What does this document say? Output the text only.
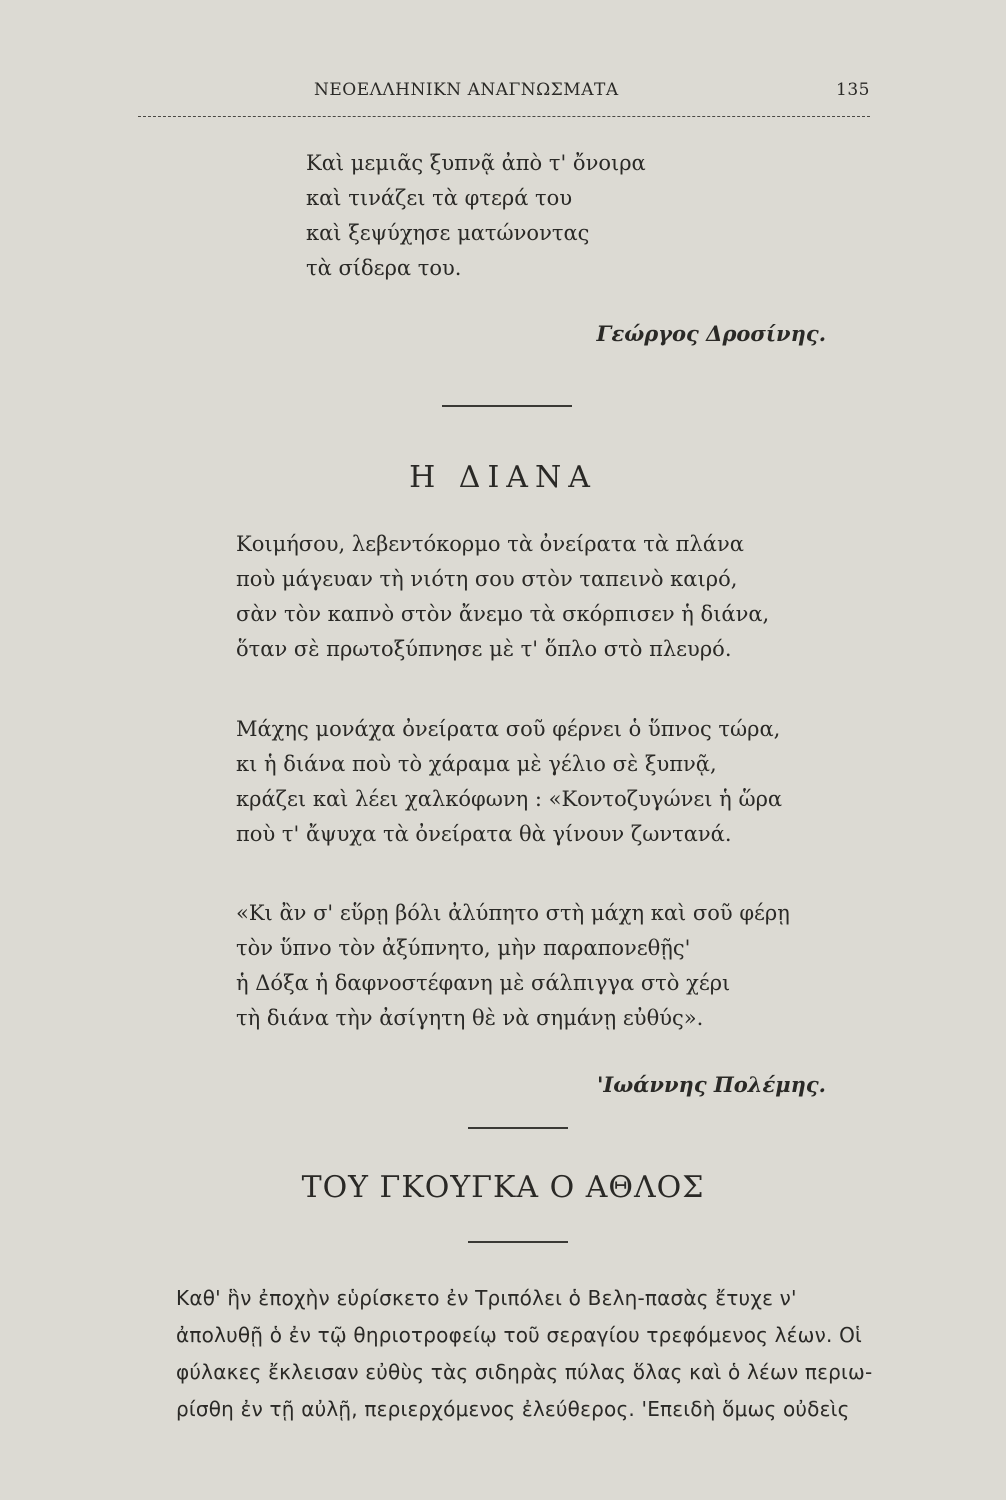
ΝΕΟΕΛΛΗΝΙΚΝ ΑΝΑΓΝΩΣΜΑΤΑ	135
Καὶ μεμιᾶς ξυπνᾷ ἀπὸ τ' ὄνοιρα
καὶ τινάζει τὰ φτερά του
καὶ ξεψύχησε ματώνοντας
τὰ σίδερα του.
Γεώργος Δροσίνης.
Η ΔΙΑΝΑ
Κοιμήσου, λεβεντόκορμο τὰ ὀνείρατα τὰ πλάνα
ποὺ μάγευαν τὴ νιότη σου στὸν ταπεινὸ καιρό,
σὰν τὸν καπνὸ στὸν ἄνεμο τὰ σκόρπισεν ἡ διάνα,
ὅταν σὲ πρωτοξύπνησε μὲ τ' ὅπλο στὸ πλευρό.
Μάχης μονάχα ὀνείρατα σοῦ φέρνει ὁ ὕπνος τώρα,
κι ἡ διάνα ποὺ τὸ χάραμα μὲ γέλιο σὲ ξυπνᾷ,
κράζει καὶ λέει χαλκόφωνη : «Κοντοζυγώνει ἡ ὥρα
ποὺ τ' ἄψυχα τὰ ὀνείρατα θὰ γίνουν ζωντανά.
«Κι ἂν σ' εὕρῃ βόλι ἀλύπητο στὴ μάχη καὶ σοῦ φέρῃ
τὸν ὕπνο τὸν ἀξύπνητο, μὴν παραπονεθῇς'
ἡ Δόξα ἡ δαφνοστέφανη μὲ σάλπιγγα στὸ χέρι
τὴ διάνα τὴν ἀσίγητη θὲ νὰ σημάνῃ εὐθύς».
'Ιωάννης Πολέμης.
ΤΟΥ ΓΚΟΥΓΚΑ Ο ΑΘΛΟΣ
Καθ' ἣν ἐποχὴν εὑρίσκετο ἐν Τριπόλει ὁ Βελη-πασὰς ἔτυχε ν'
ἀπολυθῇ ὁ ἐν τῷ θηριοτροφείῳ τοῦ σεραγίου τρεφόμενος λέων. Οἱ
φύλακες ἔκλεισαν εὐθὺς τὰς σιδηρὰς πύλας ὅλας καὶ ὁ λέων περιω-
ρίσθη ἐν τῇ αὐλῇ, περιερχόμενος ἐλεύθερος. 'Επειδὴ ὅμως οὐδεὶς
